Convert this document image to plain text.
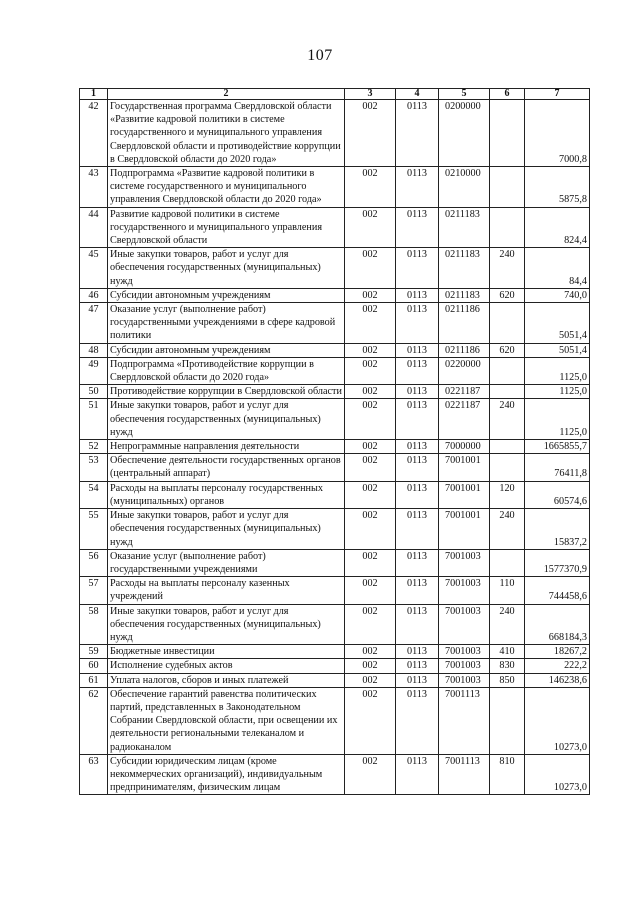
107
1	2	3	4	5	6	7
42	Государственная программа Свердловской области «Развитие кадровой политики в системе государственного и муниципального управления Свердловской области и противодействие коррупции в Свердловской области до 2020 года»	002	0113	0200000		7000,8
43	Подпрограмма «Развитие кадровой политики в системе государственного и муниципального управления Свердловской области до 2020 года»	002	0113	0210000		5875,8
44	Развитие кадровой политики в системе государственного и муниципального управления Свердловской области	002	0113	0211183		824,4
45	Иные закупки товаров, работ и услуг для обеспечения государственных (муниципальных) нужд	002	0113	0211183	240	84,4
46	Субсидии автономным учреждениям	002	0113	0211183	620	740,0
47	Оказание услуг (выполнение работ) государственными учреждениями в сфере кадровой политики	002	0113	0211186		5051,4
48	Субсидии автономным учреждениям	002	0113	0211186	620	5051,4
49	Подпрограмма «Противодействие коррупции в Свердловской области до 2020 года»	002	0113	0220000		1125,0
50	Противодействие коррупции в Свердловской области	002	0113	0221187		1125,0
51	Иные закупки товаров, работ и услуг для обеспечения государственных (муниципальных) нужд	002	0113	0221187	240	1125,0
52	Непрограммные направления деятельности	002	0113	7000000		1665855,7
53	Обеспечение деятельности государственных органов (центральный аппарат)	002	0113	7001001		76411,8
54	Расходы на выплаты персоналу государственных (муниципальных) органов	002	0113	7001001	120	60574,6
55	Иные закупки товаров, работ и услуг для обеспечения государственных (муниципальных) нужд	002	0113	7001001	240	15837,2
56	Оказание услуг (выполнение работ) государственными учреждениями	002	0113	7001003		1577370,9
57	Расходы на выплаты персоналу казенных учреждений	002	0113	7001003	110	744458,6
58	Иные закупки товаров, работ и услуг для обеспечения государственных (муниципальных) нужд	002	0113	7001003	240	668184,3
59	Бюджетные инвестиции	002	0113	7001003	410	18267,2
60	Исполнение судебных актов	002	0113	7001003	830	222,2
61	Уплата налогов, сборов и иных платежей	002	0113	7001003	850	146238,6
62	Обеспечение гарантий равенства политических партий, представленных в Законодательном Собрании Свердловской области, при освещении их деятельности региональными телеканалом и радиоканалом	002	0113	7001113		10273,0
63	Субсидии юридическим лицам (кроме некоммерческих организаций), индивидуальным предпринимателям, физическим лицам	002	0113	7001113	810	10273,0
